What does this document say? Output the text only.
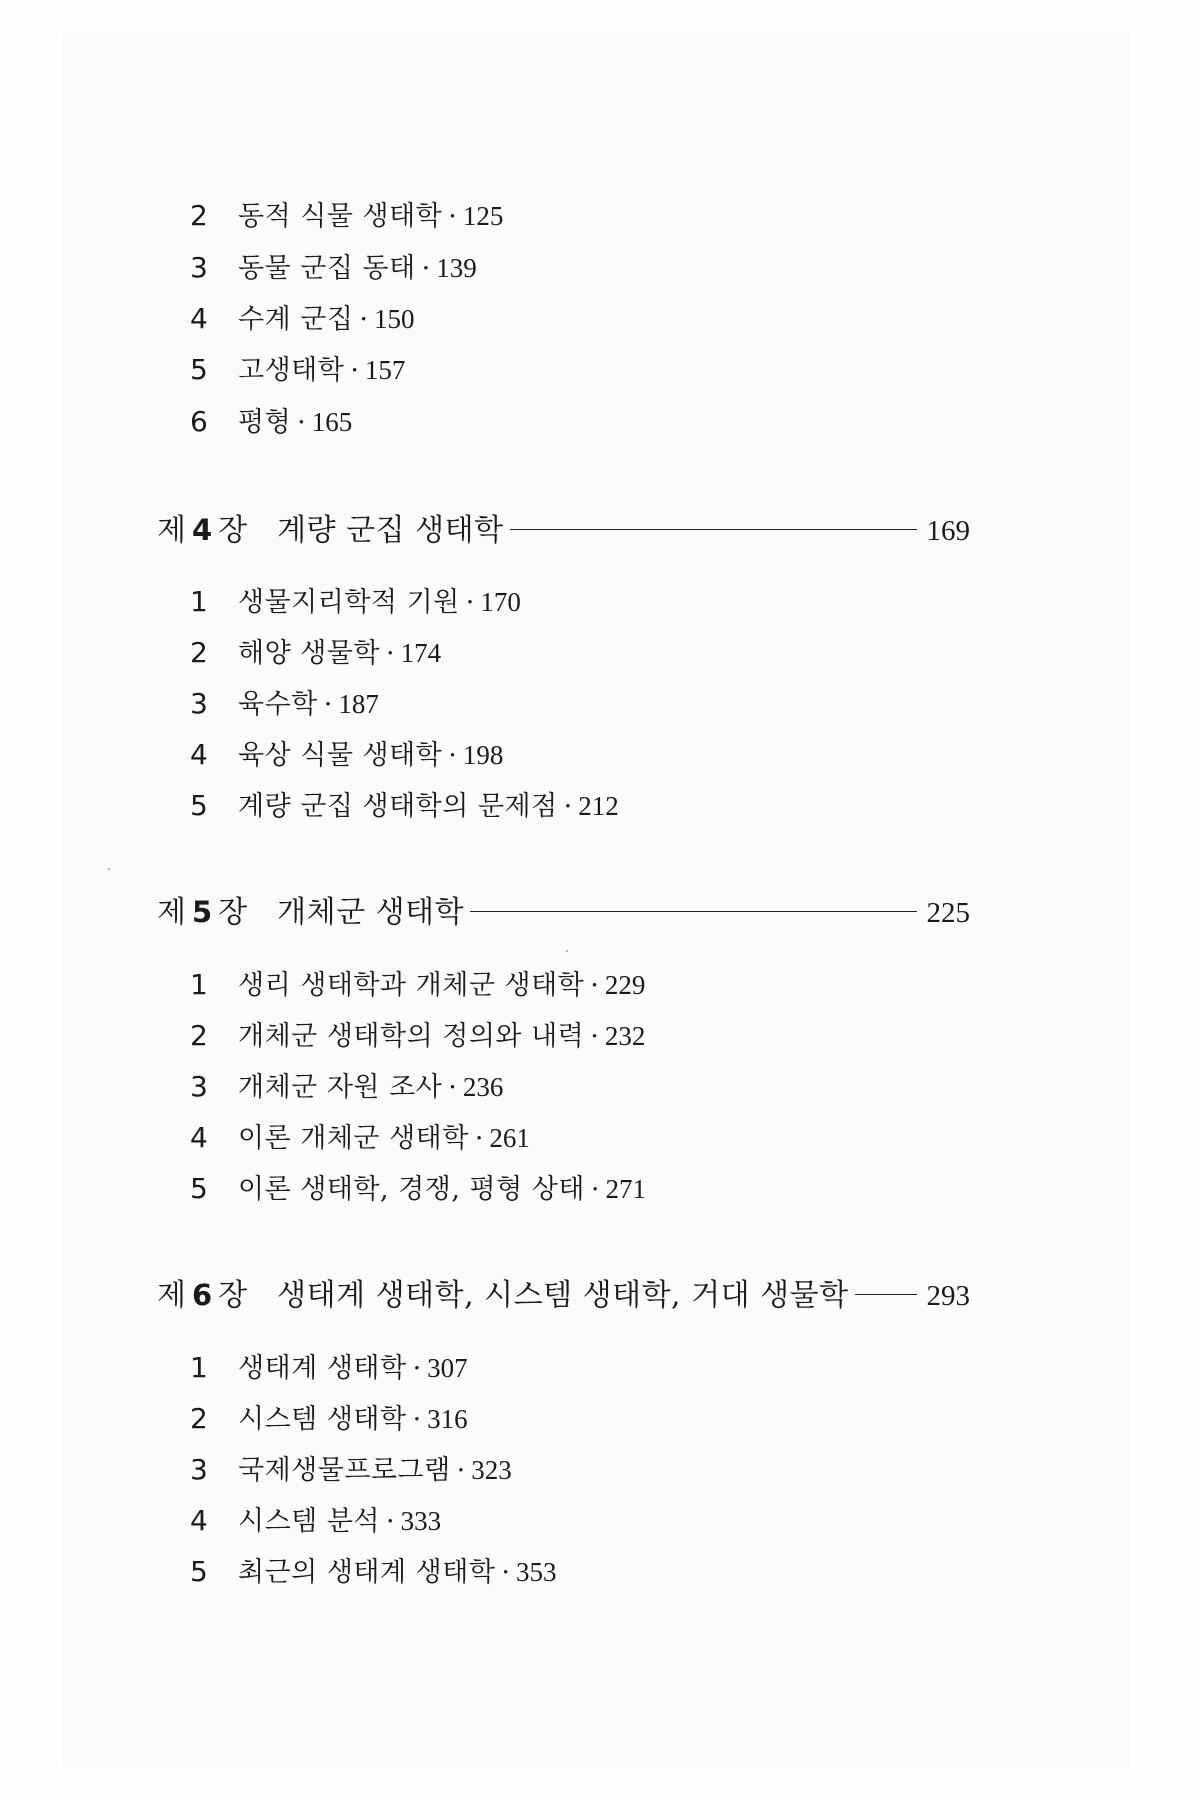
2	동적 식물 생태학 · 125
3	동물 군집 동태 · 139
4	수계 군집 · 150
5	고생태학 · 157
6	평형 · 165
제 4 장 계량 군집 생태학	169
1	생물지리학적 기원 · 170
2	해양 생물학 · 174
3	육수학 · 187
4	육상 식물 생태학 · 198
5	계량 군집 생태학의 문제점 · 212
제 5 장 개체군 생태학	225
1	생리 생태학과 개체군 생태학 · 229
2	개체군 생태학의 정의와 내력 · 232
3	개체군 자원 조사 · 236
4	이론 개체군 생태학 · 261
5	이론 생태학, 경쟁, 평형 상태 · 271
제 6 장 생태계 생태학, 시스템 생태학, 거대 생물학	293
1	생태계 생태학 · 307
2	시스템 생태학 · 316
3	국제생물프로그램 · 323
4	시스템 분석 · 333
5	최근의 생태계 생태학 · 353
